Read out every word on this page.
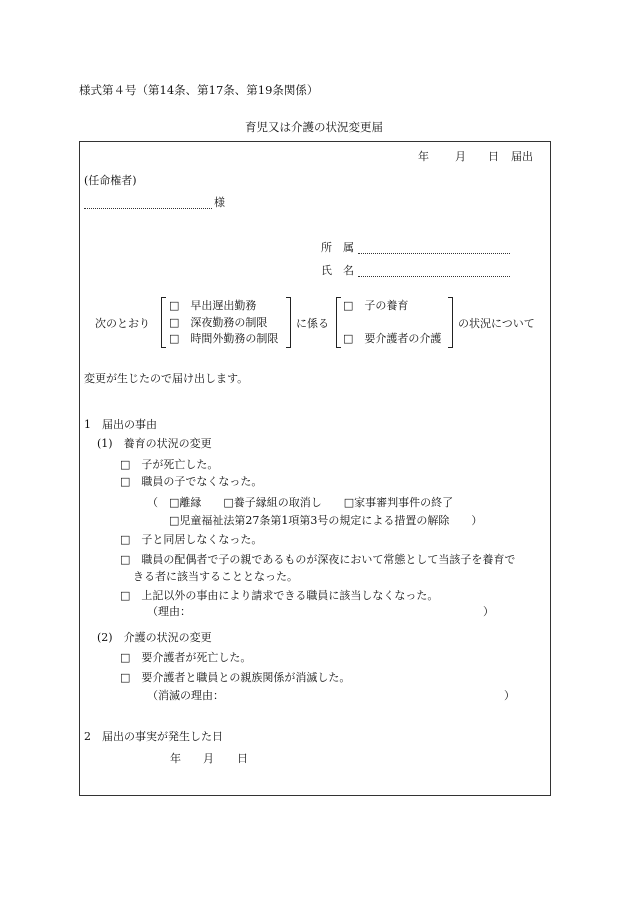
様式第４号（第14条、第17条、第19条関係）
育児又は介護の状況変更届
年 月 日 届出
(任命権者)
様
所　属
氏　名
次のとおり
□　早出遅出勤務
□　深夜勤務の制限
□　時間外勤務の制限
に係る
□　子の養育
□　要介護者の介護
の状況について
変更が生じたので届け出します。
1　届出の事由
(1)　養育の状況の変更
□　子が死亡した。
□　職員の子でなくなった。
（　□離縁　　□養子縁組の取消し　　□家事審判事件の終了
□児童福祉法第27条第1項第3号の規定による措置の解除　　）
□　子と同居しなくなった。
□　職員の配偶者で子の親であるものが深夜において常態として当該子を養育で
きる者に該当することとなった。
□　上記以外の事由により請求できる職員に該当しなくなった。
（理由：	）
(2)　介護の状況の変更
□　要介護者が死亡した。
□　要介護者と職員との親族関係が消滅した。
（消滅の理由：	）
2　届出の事実が発生した日
年 月 日
